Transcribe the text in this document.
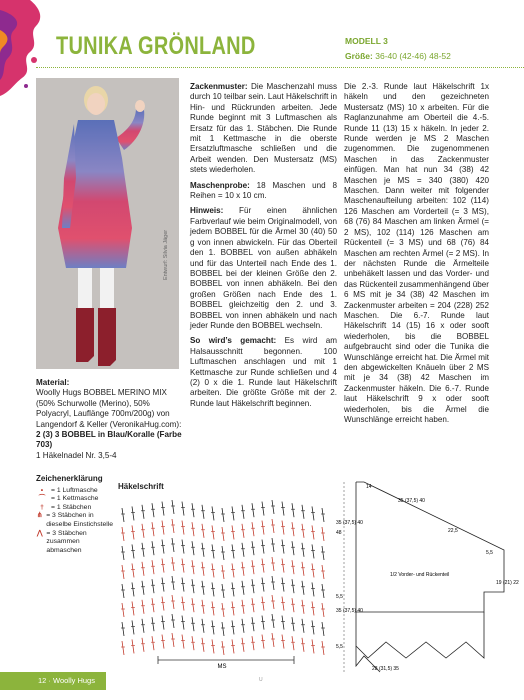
TUNIKA GRÖNLAND	MODELL 3
Größe: 36-40 (42-46) 48-52
Entwurf: Silvia Jäger

Zackenmuster: Die Maschenzahl muss durch 10 teilbar sein. Laut Häkelschrift in Hin- und Rückrunden arbeiten. Jede Runde beginnt mit 3 Luftmaschen als Ersatz für das 1. Stäbchen. Die Runde mit 1 Kettmasche in die oberste Ersatzluftmasche schließen und die Arbeit wenden. Den Mustersatz (MS) stets wiederholen.

Maschenprobe: 18 Maschen und 8 Reihen = 10 x 10 cm.

Hinweis: Für einen ähnlichen Farbverlauf wie beim Originalmodell, von jedem BOBBEL für die Ärmel 30 (40) 50 g von innen abwickeln. Für das Oberteil den 1. BOBBEL von außen abhäkeln und für das Unterteil nach Ende des 1. BOBBEL bei der kleinen Größe den 2. BOBBEL von innen abhäkeln. Bei den großen Größen nach Ende des 1. BOBBEL gleichzeitig den 2. und 3. BOBBEL von innen abhäkeln und nach jeder Runde den BOBBEL wechseln.

So wird’s gemacht: Es wird am Halsausschnitt begonnen. 100 Luftmaschen anschlagen und mit 1 Kettmasche zur Runde schließen und 4 (2) 0 x die 1. Runde laut Häkelschrift arbeiten. Die größte Größe mit der 2. Runde laut Häkelschrift beginnen.

Die 2.-3. Runde laut Häkelschrift 1x häkeln und den gezeichneten Mustersatz (MS) 10 x arbeiten. Für die Raglanzunahme am Oberteil die 4.-5. Runde 11 (13) 15 x häkeln. In jeder 2. Runde werden je MS 2 Maschen zugenommen. Die zugenommenen Maschen in das Zackenmuster einfügen. Man hat nun 34 (38) 42 Maschen je MS = 340 (380) 420 Maschen. Dann weiter mit folgender Maschenaufteilung arbeiten: 102 (114) 126 Maschen am Vorderteil (= 3 MS), 68 (76) 84 Maschen am linken Ärmel (= 2 MS), 102 (114) 126 Maschen am Rückenteil (= 3 MS) und 68 (76) 84 Maschen am rechten Ärmel (= 2 MS). In der nächsten Runde die Ärmelteile unbehäkelt lassen und das Vorder- und das Rückenteil zusammenhängend über 6 MS mit je 34 (38) 42 Maschen im Zackenmuster arbeiten = 204 (228) 252 Maschen. Die 6.-7. Runde laut Häkelschrift 14 (15) 16 x oder sooft wiederholen, bis die BOBBEL aufgebraucht sind oder die Tunika die Wunschlänge erreicht hat. Die Ärmel mit den abgewickelten Knäueln über 2 MS mit je 34 (38) 42 Maschen im Zackenmuster häkeln. Die 6.-7. Runde laut Häkelschrift 9 x oder sooft wiederholen, bis die Ärmel die Wunschlänge erreicht haben.

Material:
Woolly Hugs BOBBEL MERINO MIX (50% Schurwolle (Merino), 50% Polyacryl, Lauflänge 700m/200g) von Langendorf & Keller (VeronikaHug.com):
2 (3) 3 BOBBEL in Blau/Koralle (Farbe 703)
1 Häkelnadel Nr. 3,5-4
Zeichenerklärung
•	= 1 Luftmasche
⌒ = 1 Kettmasche
†	= 1 Stäbchen
⋔ = 3 Stäbchen in dieselbe Einstichstelle
⋀ = 3 Stäbchen zusammen abmaschen
Häkelschrift
MS
14
35 (37,5) 40
22,5
5,5
35 (37,5) 40
48
1/2 Vorder- und Rückenteil
19 (21) 22
5,5
35 (37,5) 40
5,5
28 (31,5) 35
12 · Woolly Hugs	U
